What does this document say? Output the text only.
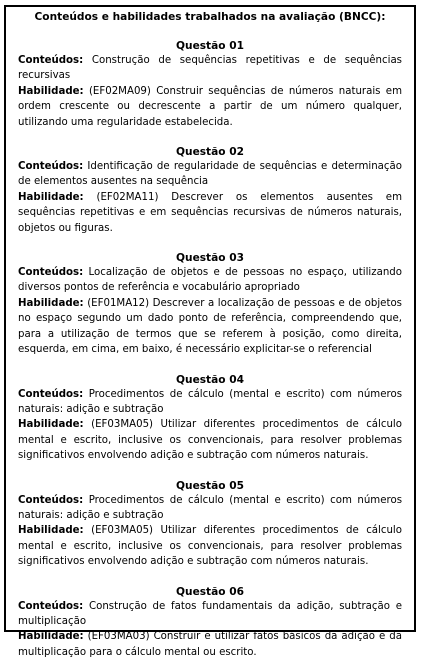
Conteúdos e habilidades trabalhados na avaliação (BNCC):
Questão 01

Conteúdos: Construção de sequências repetitivas e de sequências recursivas

Habilidade: (EF02MA09) Construir sequências de números naturais em ordem crescente ou decrescente a partir de um número qualquer, utilizando uma regularidade estabelecida.

Questão 02

Conteúdos: Identificação de regularidade de sequências e determinação de elementos ausentes na sequência

Habilidade: (EF02MA11) Descrever os elementos ausentes em sequências repetitivas e em sequências recursivas de números naturais, objetos ou figuras.

Questão 03

Conteúdos: Localização de objetos e de pessoas no espaço, utilizando diversos pontos de referência e vocabulário apropriado

Habilidade: (EF01MA12) Descrever a localização de pessoas e de objetos no espaço segundo um dado ponto de referência, compreendendo que, para a utilização de termos que se referem à posição, como direita, esquerda, em cima, em baixo, é necessário explicitar-se o referencial

Questão 04

Conteúdos: Procedimentos de cálculo (mental e escrito) com números naturais: adição e subtração

Habilidade: (EF03MA05) Utilizar diferentes procedimentos de cálculo mental e escrito, inclusive os convencionais, para resolver problemas significativos envolvendo adição e subtração com números naturais.

Questão 05

Conteúdos: Procedimentos de cálculo (mental e escrito) com números naturais: adição e subtração

Habilidade: (EF03MA05) Utilizar diferentes procedimentos de cálculo mental e escrito, inclusive os convencionais, para resolver problemas significativos envolvendo adição e subtração com números naturais.

Questão 06

Conteúdos: Construção de fatos fundamentais da adição, subtração e multiplicação

Habilidade: (EF03MA03) Construir e utilizar fatos básicos da adição e da multiplicação para o cálculo mental ou escrito.
